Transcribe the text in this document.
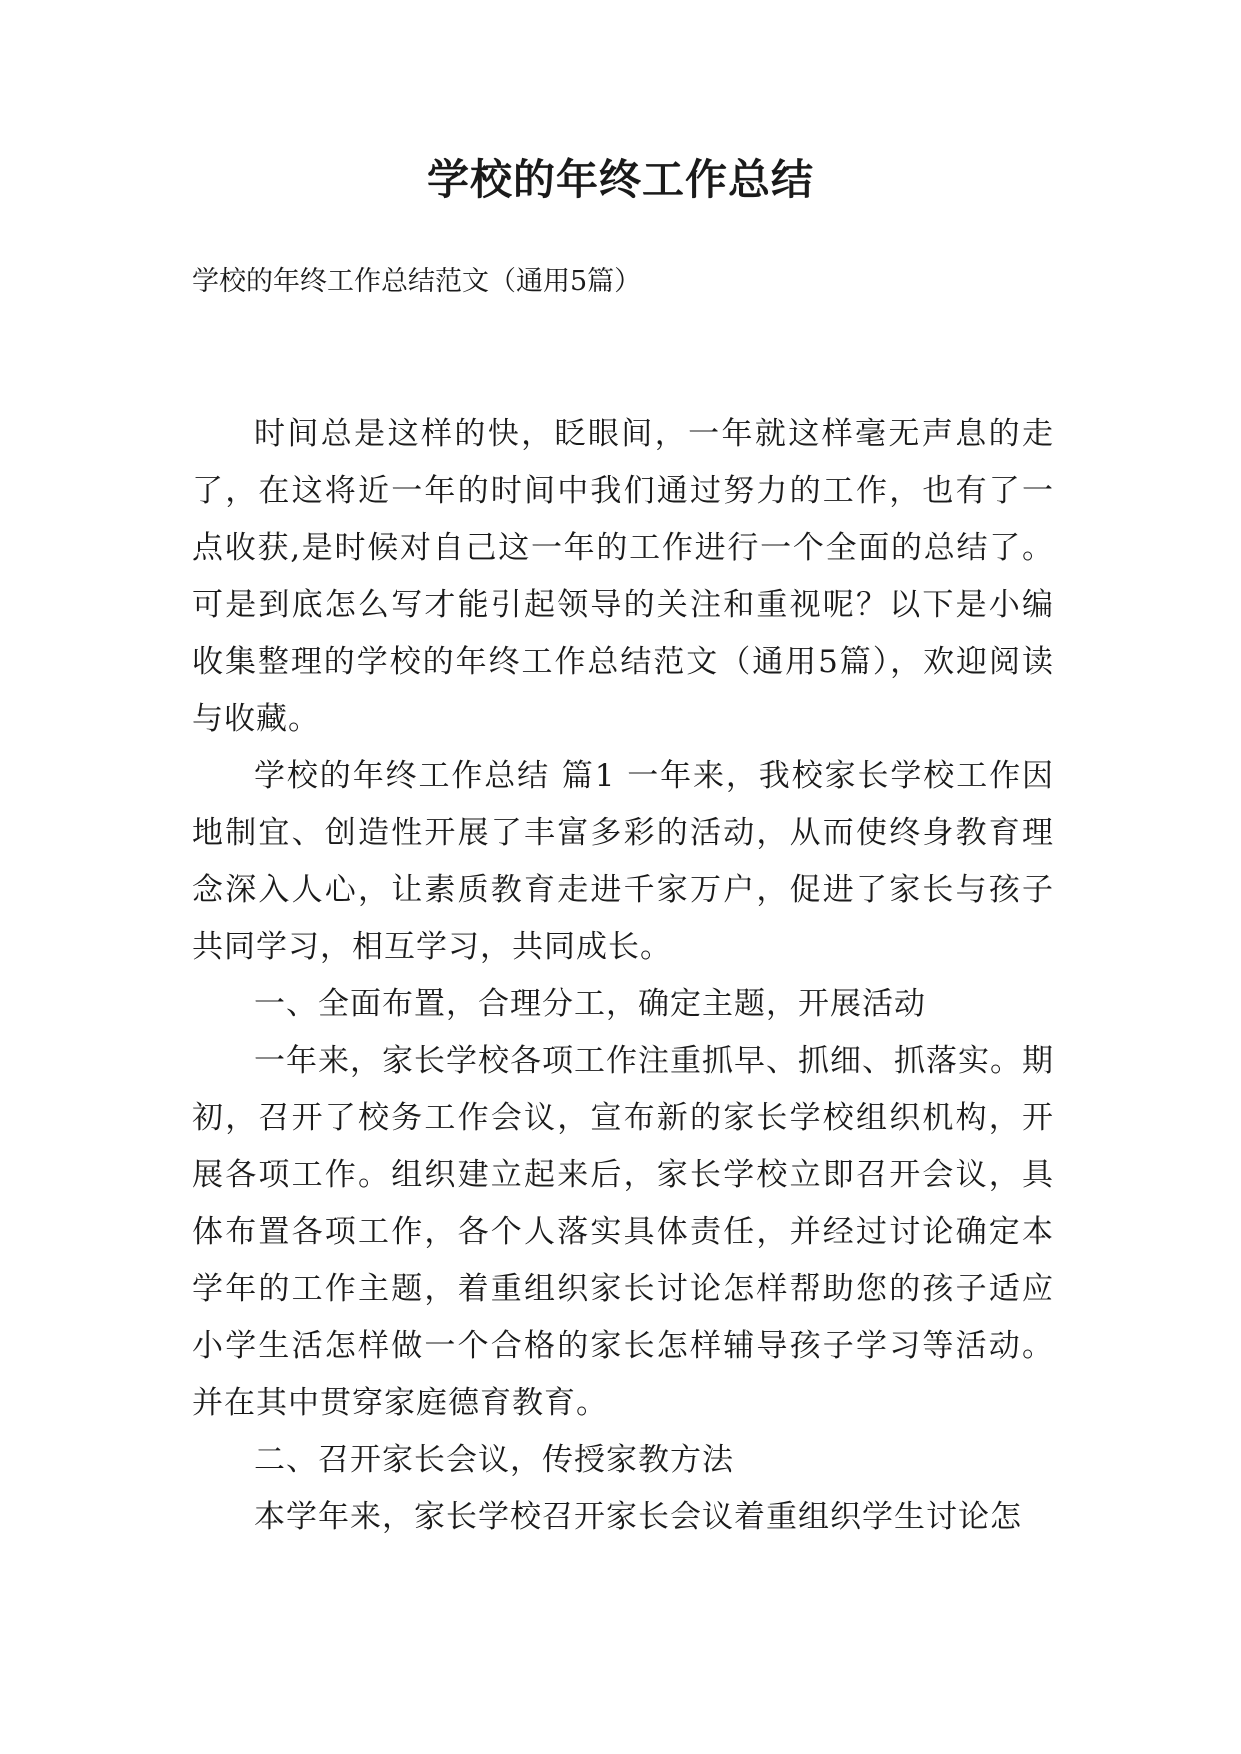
学校的年终工作总结

学校的年终工作总结范文（通用5篇）

时间总是这样的快，眨眼间，一年就这样毫无声息的走了，在这将近一年的时间中我们通过努力的工作，也有了一点收获,是时候对自己这一年的工作进行一个全面的总结了。可是到底怎么写才能引起领导的关注和重视呢？以下是小编收集整理的学校的年终工作总结范文（通用5篇），欢迎阅读与收藏。

学校的年终工作总结 篇1 一年来，我校家长学校工作因地制宜、创造性开展了丰富多彩的活动，从而使终身教育理念深入人心，让素质教育走进千家万户，促进了家长与孩子共同学习，相互学习，共同成长。

一、全面布置，合理分工，确定主题，开展活动

一年来，家长学校各项工作注重抓早、抓细、抓落实。期初，召开了校务工作会议，宣布新的家长学校组织机构，开展各项工作。组织建立起来后，家长学校立即召开会议，具体布置各项工作，各个人落实具体责任，并经过讨论确定本学年的工作主题，着重组织家长讨论怎样帮助您的孩子适应小学生活怎样做一个合格的家长怎样辅导孩子学习等活动。并在其中贯穿家庭德育教育。

二、召开家长会议，传授家教方法

本学年来，家长学校召开家长会议着重组织学生讨论怎
